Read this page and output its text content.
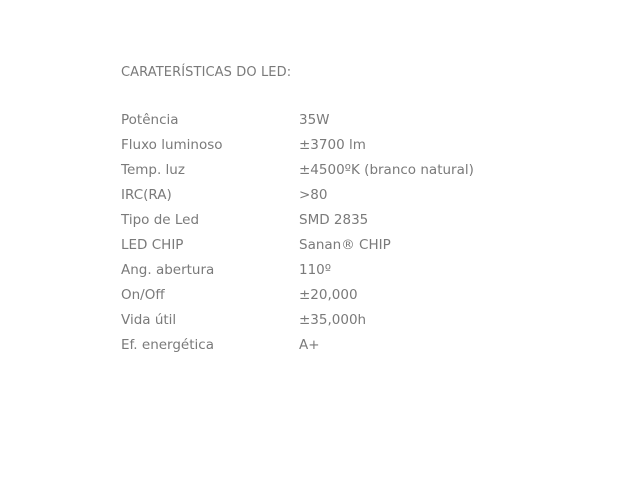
CARATERÍSTICAS DO LED:

Potência	35W
Fluxo luminoso	±3700 lm
Temp. luz	±4500ºK (branco natural)
IRC(RA)	>80
Tipo de Led	SMD 2835
LED CHIP	Sanan® CHIP
Ang. abertura	110º
On/Off	±20,000
Vida útil	±35,000h
Ef. energética	A+
